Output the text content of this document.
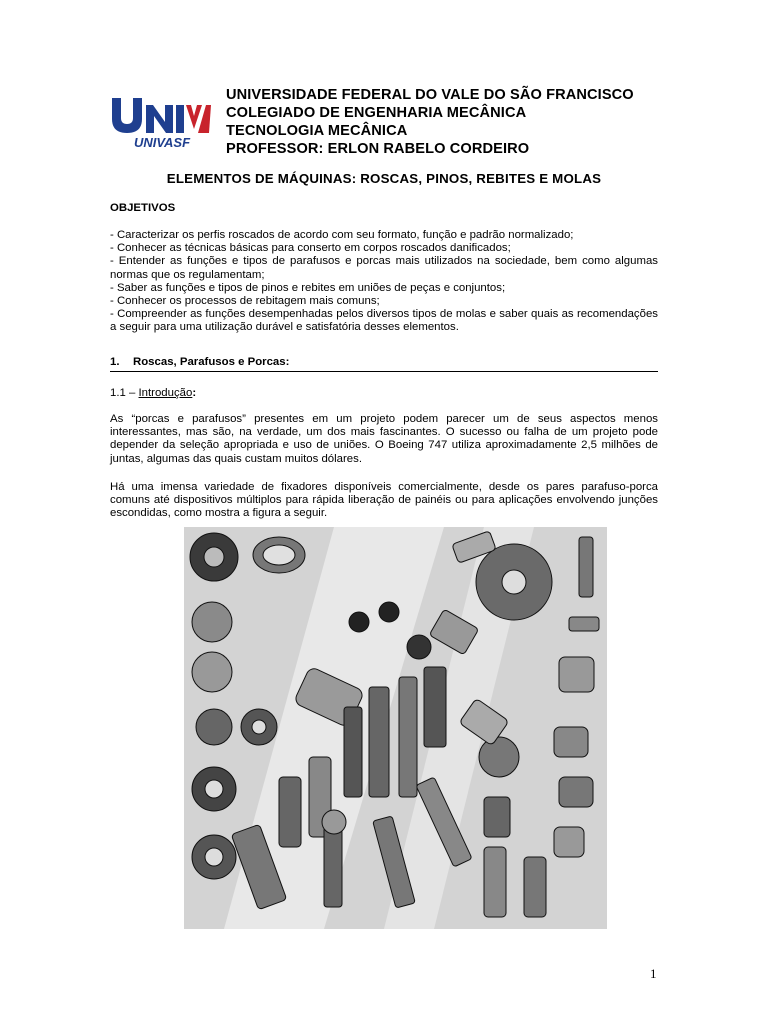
UNIVASF
UNIVERSIDADE FEDERAL DO VALE DO SÃO FRANCISCO
COLEGIADO DE ENGENHARIA MECÂNICA
TECNOLOGIA MECÂNICA
PROFESSOR: ERLON RABELO CORDEIRO
ELEMENTOS DE MÁQUINAS: ROSCAS, PINOS, REBITES E MOLAS
OBJETIVOS
- Caracterizar os perfis roscados de acordo com seu formato, função e padrão normalizado;
- Conhecer as técnicas básicas para conserto em corpos roscados danificados;
- Entender as funções e tipos de parafusos e porcas mais utilizados na sociedade, bem como algumas normas que os regulamentam;
- Saber as funções e tipos de pinos e rebites em uniões de peças e conjuntos;
- Conhecer os processos de rebitagem mais comuns;
- Compreender as funções desempenhadas pelos diversos tipos de molas e saber quais as recomendações a seguir para uma utilização durável e satisfatória desses elementos.
1. Roscas, Parafusos e Porcas:
1.1 – Introdução:
As “porcas e parafusos” presentes em um projeto podem parecer um de seus aspectos menos interessantes, mas são, na verdade, um dos mais fascinantes. O sucesso ou falha de um projeto pode depender da seleção apropriada e uso de uniões. O Boeing 747 utiliza aproximadamente 2,5 milhões de juntas, algumas das quais custam muitos dólares.
Há uma imensa variedade de fixadores disponíveis comercialmente, desde os pares parafuso-porca comuns até dispositivos múltiplos para rápida liberação de painéis ou para aplicações envolvendo junções escondidas, como mostra a figura a seguir.
1
